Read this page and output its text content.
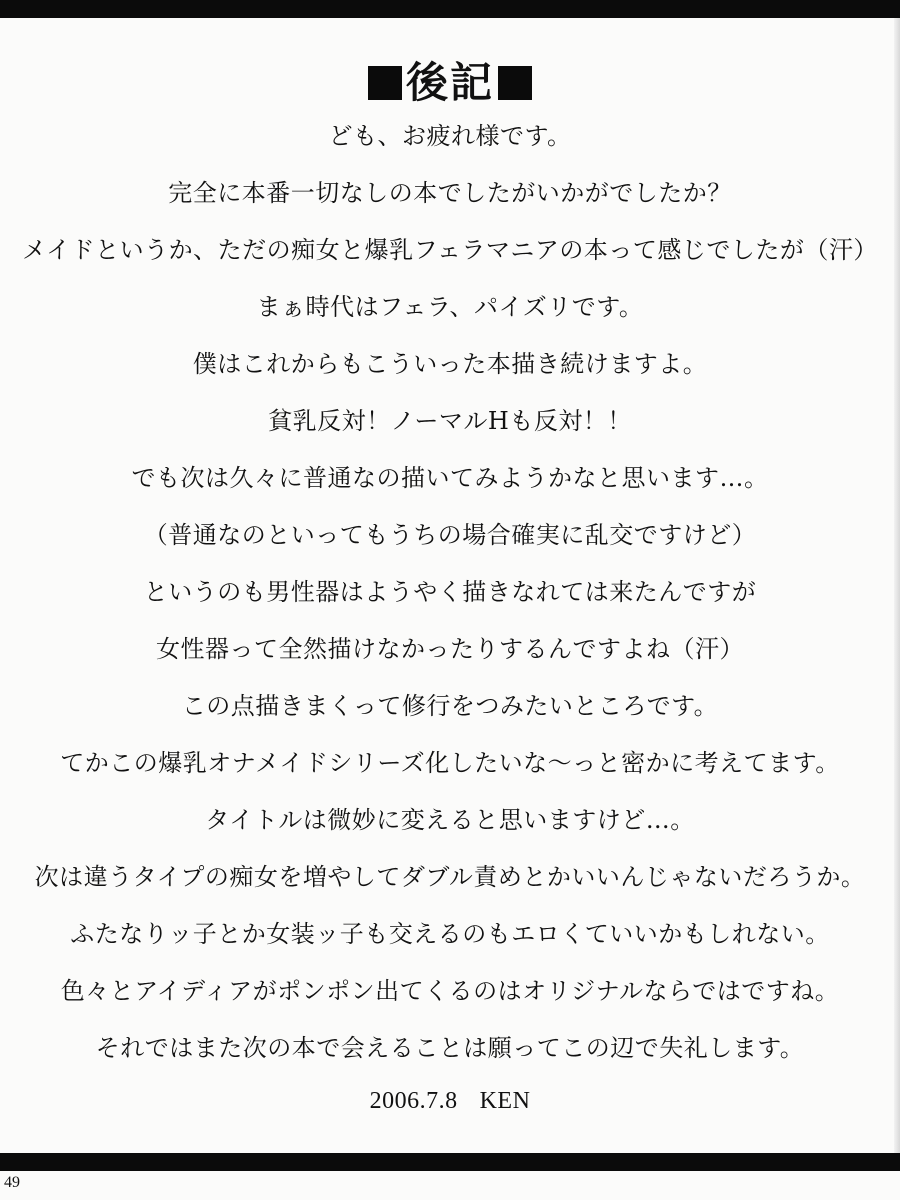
後記
ども、お疲れ様です。
完全に本番一切なしの本でしたがいかがでしたか？
メイドというか、ただの痴女と爆乳フェラマニアの本って感じでしたが（汗）
まぁ時代はフェラ、パイズリです。
僕はこれからもこういった本描き続けますよ。
貧乳反対！ノーマルHも反対！！
でも次は久々に普通なの描いてみようかなと思います…。
（普通なのといってもうちの場合確実に乱交ですけど）
というのも男性器はようやく描きなれては来たんですが
女性器って全然描けなかったりするんですよね（汗）
この点描きまくって修行をつみたいところです。
てかこの爆乳オナメイドシリーズ化したいな〜っと密かに考えてます。
タイトルは微妙に変えると思いますけど…。
次は違うタイプの痴女を増やしてダブル責めとかいいんじゃないだろうか。
ふたなりッ子とか女装ッ子も交えるのもエロくていいかもしれない。
色々とアイディアがポンポン出てくるのはオリジナルならではですね。
それではまた次の本で会えることは願ってこの辺で失礼します。
2006.7.8 KEN
49
